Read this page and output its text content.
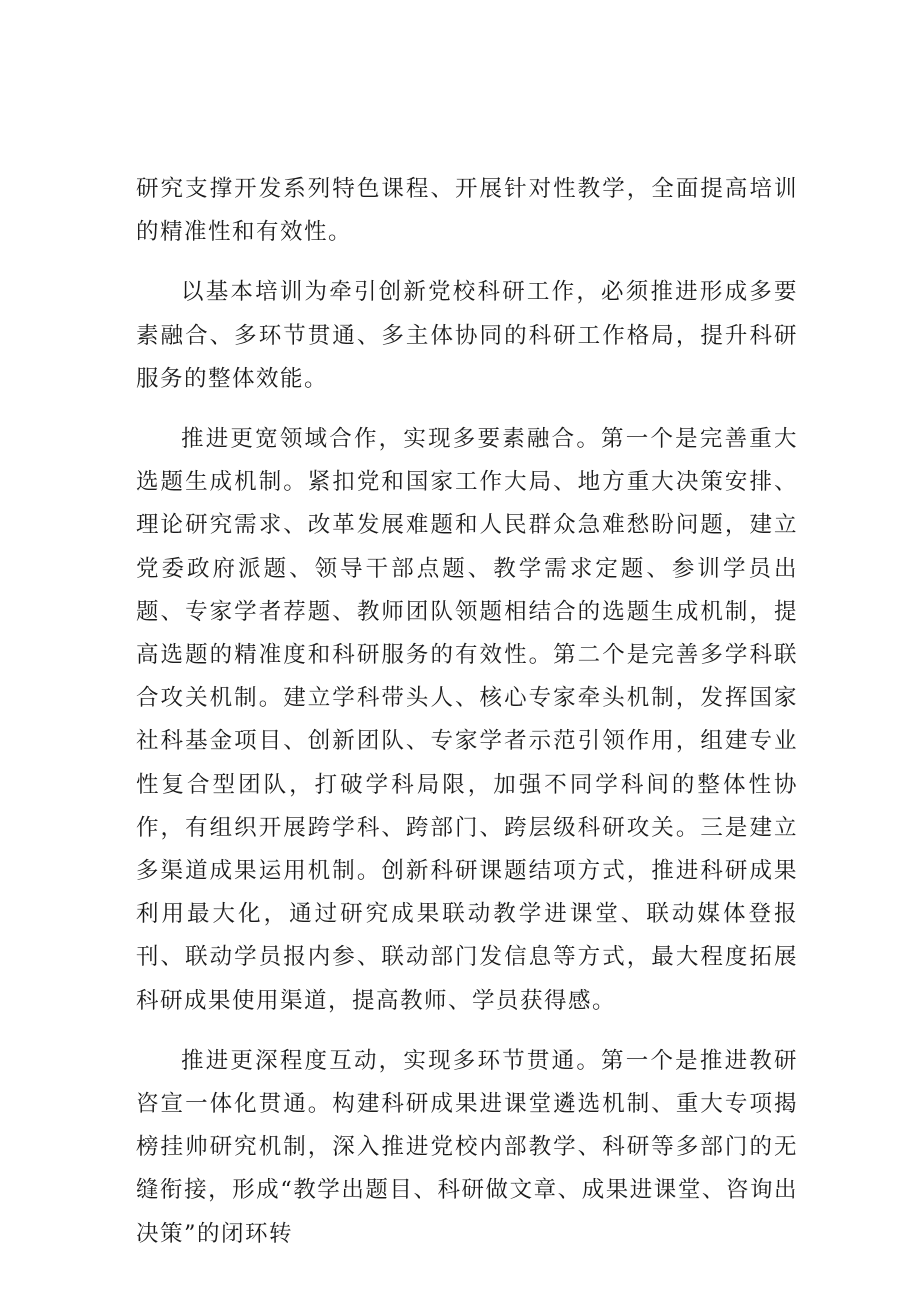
研究支撑开发系列特色课程、开展针对性教学，全面提高培训的精准性和有效性。

以基本培训为牵引创新党校科研工作，必须推进形成多要素融合、多环节贯通、多主体协同的科研工作格局，提升科研服务的整体效能。

推进更宽领域合作，实现多要素融合。第一个是完善重大选题生成机制。紧扣党和国家工作大局、地方重大决策安排、理论研究需求、改革发展难题和人民群众急难愁盼问题，建立党委政府派题、领导干部点题、教学需求定题、参训学员出题、专家学者荐题、教师团队领题相结合的选题生成机制，提高选题的精准度和科研服务的有效性。第二个是完善多学科联合攻关机制。建立学科带头人、核心专家牵头机制，发挥国家社科基金项目、创新团队、专家学者示范引领作用，组建专业性复合型团队，打破学科局限，加强不同学科间的整体性协作，有组织开展跨学科、跨部门、跨层级科研攻关。三是建立多渠道成果运用机制。创新科研课题结项方式，推进科研成果利用最大化，通过研究成果联动教学进课堂、联动媒体登报刊、联动学员报内参、联动部门发信息等方式，最大程度拓展科研成果使用渠道，提高教师、学员获得感。

推进更深程度互动，实现多环节贯通。第一个是推进教研咨宣一体化贯通。构建科研成果进课堂遴选机制、重大专项揭榜挂帅研究机制，深入推进党校内部教学、科研等多部门的无缝衔接，形成“教学出题目、科研做文章、成果进课堂、咨询出决策”的闭环转
